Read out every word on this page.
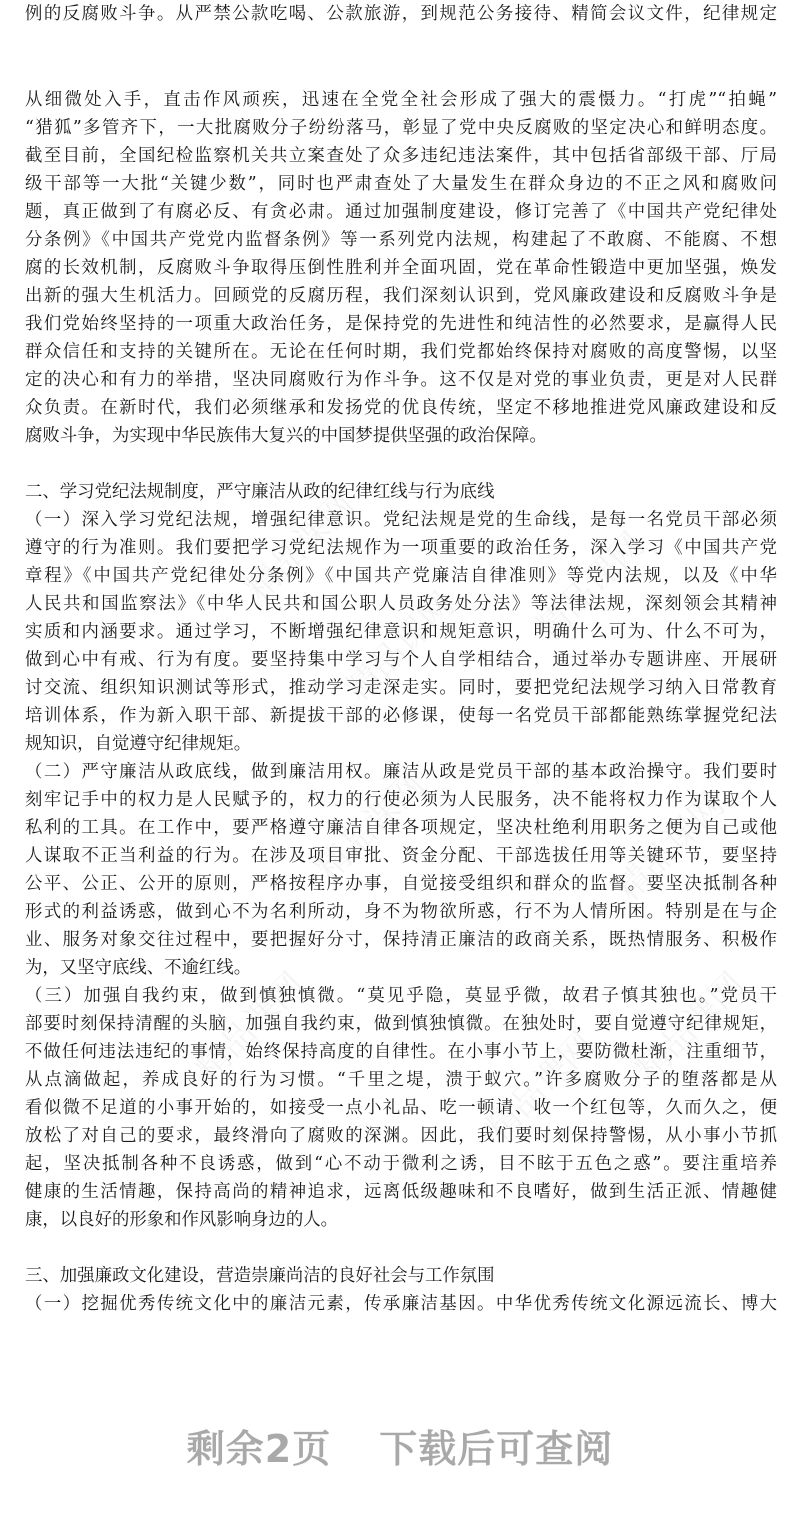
例的反腐败斗争。从严禁公款吃喝、公款旅游，到规范公务接待、精简会议文件，纪律规定
从细微处入手，直击作风顽疾，迅速在全党全社会形成了强大的震慑力。“打虎”“拍蝇”
“猎狐”多管齐下，一大批腐败分子纷纷落马，彰显了党中央反腐败的坚定决心和鲜明态度。
截至目前，全国纪检监察机关共立案查处了众多违纪违法案件，其中包括省部级干部、厅局
级干部等一大批“关键少数”，同时也严肃查处了大量发生在群众身边的不正之风和腐败问
题，真正做到了有腐必反、有贪必肃。通过加强制度建设，修订完善了《中国共产党纪律处
分条例》《中国共产党党内监督条例》等一系列党内法规，构建起了不敢腐、不能腐、不想
腐的长效机制，反腐败斗争取得压倒性胜利并全面巩固，党在革命性锻造中更加坚强，焕发
出新的强大生机活力。回顾党的反腐历程，我们深刻认识到，党风廉政建设和反腐败斗争是
我们党始终坚持的一项重大政治任务，是保持党的先进性和纯洁性的必然要求，是赢得人民
群众信任和支持的关键所在。无论在任何时期，我们党都始终保持对腐败的高度警惕，以坚
定的决心和有力的举措，坚决同腐败行为作斗争。这不仅是对党的事业负责，更是对人民群
众负责。在新时代，我们必须继承和发扬党的优良传统，坚定不移地推进党风廉政建设和反
腐败斗争，为实现中华民族伟大复兴的中国梦提供坚强的政治保障。
二、学习党纪法规制度，严守廉洁从政的纪律红线与行为底线
（一）深入学习党纪法规，增强纪律意识。党纪法规是党的生命线，是每一名党员干部必须
遵守的行为准则。我们要把学习党纪法规作为一项重要的政治任务，深入学习《中国共产党
章程》《中国共产党纪律处分条例》《中国共产党廉洁自律准则》等党内法规，以及《中华
人民共和国监察法》《中华人民共和国公职人员政务处分法》等法律法规，深刻领会其精神
实质和内涵要求。通过学习，不断增强纪律意识和规矩意识，明确什么可为、什么不可为，
做到心中有戒、行为有度。要坚持集中学习与个人自学相结合，通过举办专题讲座、开展研
讨交流、组织知识测试等形式，推动学习走深走实。同时，要把党纪法规学习纳入日常教育
培训体系，作为新入职干部、新提拔干部的必修课，使每一名党员干部都能熟练掌握党纪法
规知识，自觉遵守纪律规矩。
（二）严守廉洁从政底线，做到廉洁用权。廉洁从政是党员干部的基本政治操守。我们要时
刻牢记手中的权力是人民赋予的，权力的行使必须为人民服务，决不能将权力作为谋取个人
私利的工具。在工作中，要严格遵守廉洁自律各项规定，坚决杜绝利用职务之便为自己或他
人谋取不正当利益的行为。在涉及项目审批、资金分配、干部选拔任用等关键环节，要坚持
公平、公正、公开的原则，严格按程序办事，自觉接受组织和群众的监督。要坚决抵制各种
形式的利益诱惑，做到心不为名利所动，身不为物欲所惑，行不为人情所困。特别是在与企
业、服务对象交往过程中，要把握好分寸，保持清正廉洁的政商关系，既热情服务、积极作
为，又坚守底线、不逾红线。
（三）加强自我约束，做到慎独慎微。“莫见乎隐，莫显乎微，故君子慎其独也。”党员干
部要时刻保持清醒的头脑，加强自我约束，做到慎独慎微。在独处时，要自觉遵守纪律规矩，
不做任何违法违纪的事情，始终保持高度的自律性。在小事小节上，要防微杜渐，注重细节，
从点滴做起，养成良好的行为习惯。“千里之堤，溃于蚁穴。”许多腐败分子的堕落都是从
看似微不足道的小事开始的，如接受一点小礼品、吃一顿请、收一个红包等，久而久之，便
放松了对自己的要求，最终滑向了腐败的深渊。因此，我们要时刻保持警惕，从小事小节抓
起，坚决抵制各种不良诱惑，做到“心不动于微利之诱，目不眩于五色之惑”。要注重培养
健康的生活情趣，保持高尚的精神追求，远离低级趣味和不良嗜好，做到生活正派、情趣健
康，以良好的形象和作风影响身边的人。
三、加强廉政文化建设，营造崇廉尚洁的良好社会与工作氛围
（一）挖掘优秀传统文化中的廉洁元素，传承廉洁基因。中华优秀传统文化源远流长、博大
剩余2页 下载后可查阅
